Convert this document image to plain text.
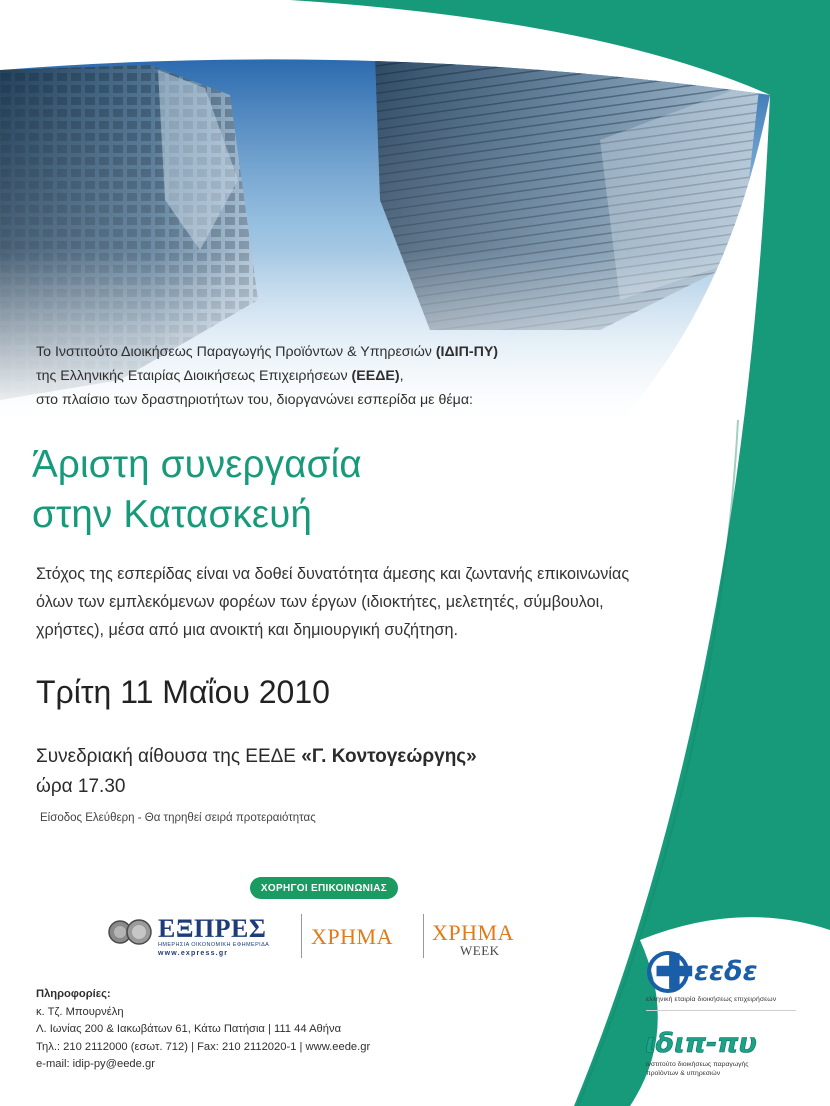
Το Ινστιτούτο Διοικήσεως Παραγωγής Προϊόντων & Υπηρεσιών (ΙΔΙΠ-ΠΥ)
της Ελληνικής Εταιρίας Διοικήσεως Επιχειρήσεων (ΕΕΔΕ),
στο πλαίσιο των δραστηριοτήτων του, διοργανώνει εσπερίδα με θέμα:
Άριστη συνεργασία
στην Κατασκευή
Στόχος της εσπερίδας είναι να δοθεί δυνατότητα άμεσης και ζωντανής επικοινωνίας
όλων των εμπλεκόμενων φορέων των έργων (ιδιοκτήτες, μελετητές, σύμβουλοι,
χρήστες), μέσα από μια ανοικτή και δημιουργική συζήτηση.
Τρίτη 11 Μαΐου 2010
Συνεδριακή αίθουσα της ΕΕΔΕ «Γ. Κοντογεώργης»
ώρα 17.30
Είσοδος Ελεύθερη - Θα τηρηθεί σειρά προτεραιότητας
ΧΟΡΗΓΟΙ ΕΠΙΚΟΙΝΩΝΙΑΣ
ΕΞΠΡΕΣ
ΗΜΕΡΗΣΙΑ ΟΙΚΟΝΟΜΙΚΗ ΕΦΗΜΕΡΙΔΑ
www.express.gr
ΧΡΗΜΑ ΧΡΗΜΑ
WEEK
Πληροφορίες:
κ. Τζ. Μπουρνέλη
Λ. Ιωνίας 200 & Ιακωβάτων 61, Κάτω Πατήσια | 111 44 Αθήνα
Τηλ.: 210 2112000 (εσωτ. 712) | Fax: 210 2112020-1 | www.eede.gr
e-mail: idip-py@eede.gr
εεδε
ελληνική εταιρία διοικήσεως επιχειρήσεων
ιδιπ-πυ
ινστιτούτο διοικήσεως παραγωγής
προϊόντων & υπηρεσιών
